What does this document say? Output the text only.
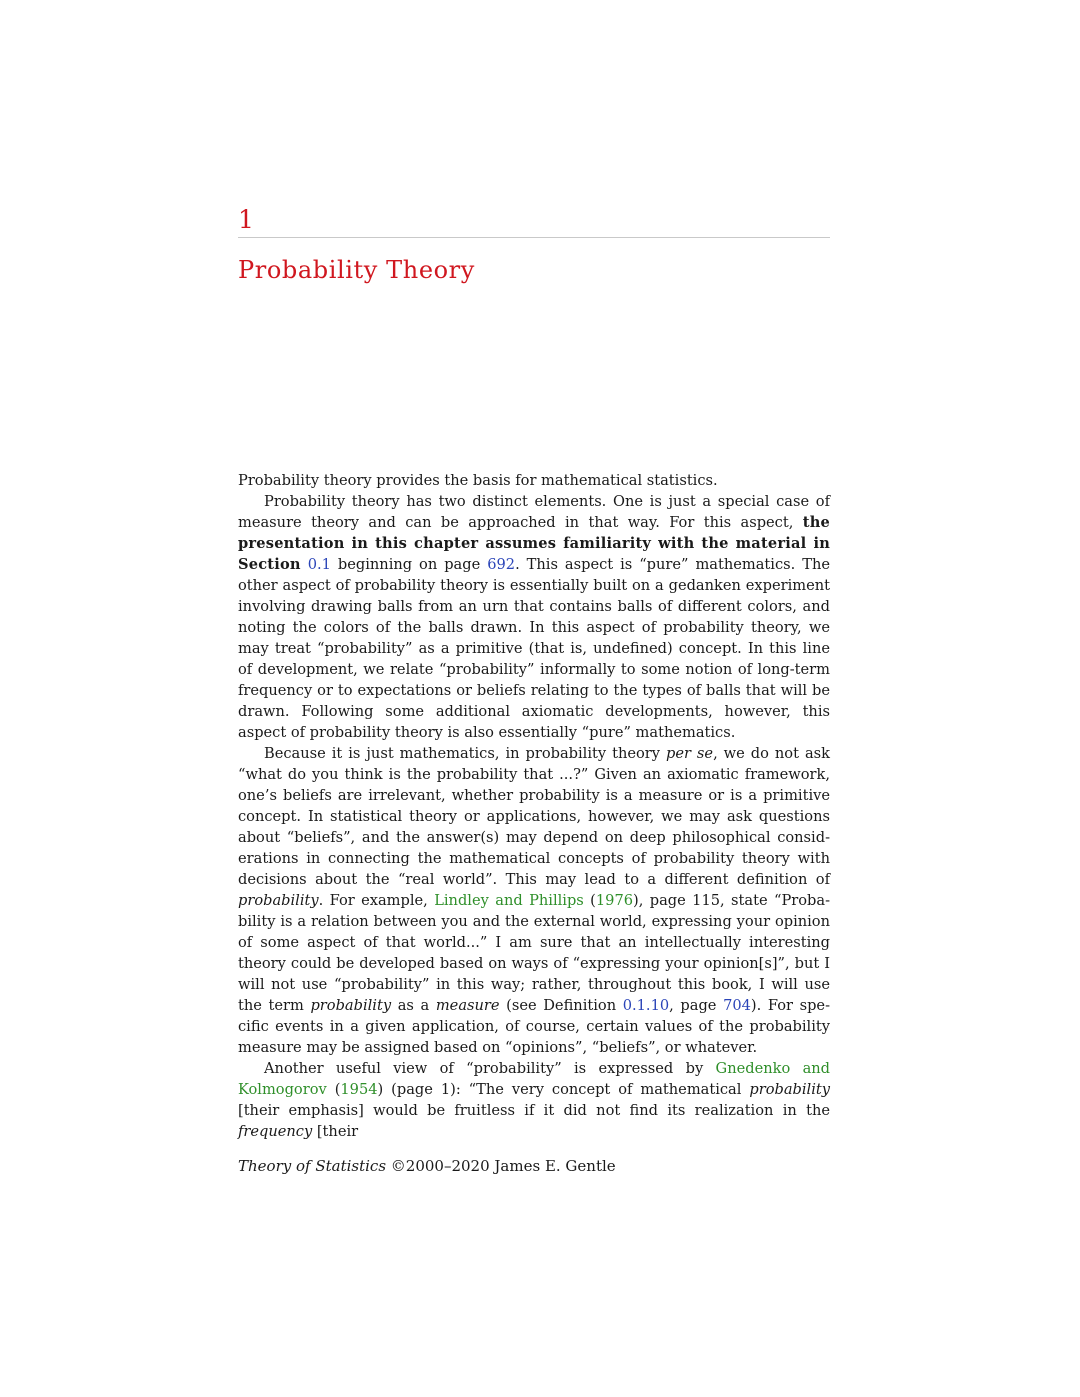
1
Probability Theory

Probability theory provides the basis for mathematical statistics.

Probability theory has two distinct elements. One is just a special case of measure theory and can be approached in that way. For this aspect, the presentation in this chapter assumes familiarity with the material in Section 0.1 beginning on page 692. This aspect is “pure” mathematics. The other aspect of probability theory is essentially built on a gedanken experiment involving drawing balls from an urn that contains balls of different colors, and noting the colors of the balls drawn. In this aspect of probability theory, we may treat “probability” as a primitive (that is, undefined) concept. In this line of development, we relate “probability” informally to some notion of long-term frequency or to expectations or beliefs relating to the types of balls that will be drawn. Following some additional axiomatic developments, however, this aspect of probability theory is also essentially “pure” mathematics.

Because it is just mathematics, in probability theory per se, we do not ask “what do you think is the probability that ...?” Given an axiomatic framework, one’s beliefs are irrelevant, whether probability is a measure or is a primitive concept. In statistical theory or applications, however, we may ask questions about “beliefs”, and the answer(s) may depend on deep philosophical considerations in connecting the mathematical concepts of probability theory with decisions about the “real world”. This may lead to a different definition of probability. For example, Lindley and Phillips (1976), page 115, state “Probability is a relation between you and the external world, expressing your opinion of some aspect of that world...” I am sure that an intellectually interesting theory could be developed based on ways of “expressing your opinion[s]”, but I will not use “probability” in this way; rather, throughout this book, I will use the term probability as a measure (see Definition 0.1.10, page 704). For specific events in a given application, of course, certain values of the probability measure may be assigned based on “opinions”, “beliefs”, or whatever.

Another useful view of “probability” is expressed by Gnedenko and Kolmogorov (1954) (page 1): “The very concept of mathematical probability [their emphasis] would be fruitless if it did not find its realization in the frequency [their

Theory of Statistics ©2000–2020 James E. Gentle
